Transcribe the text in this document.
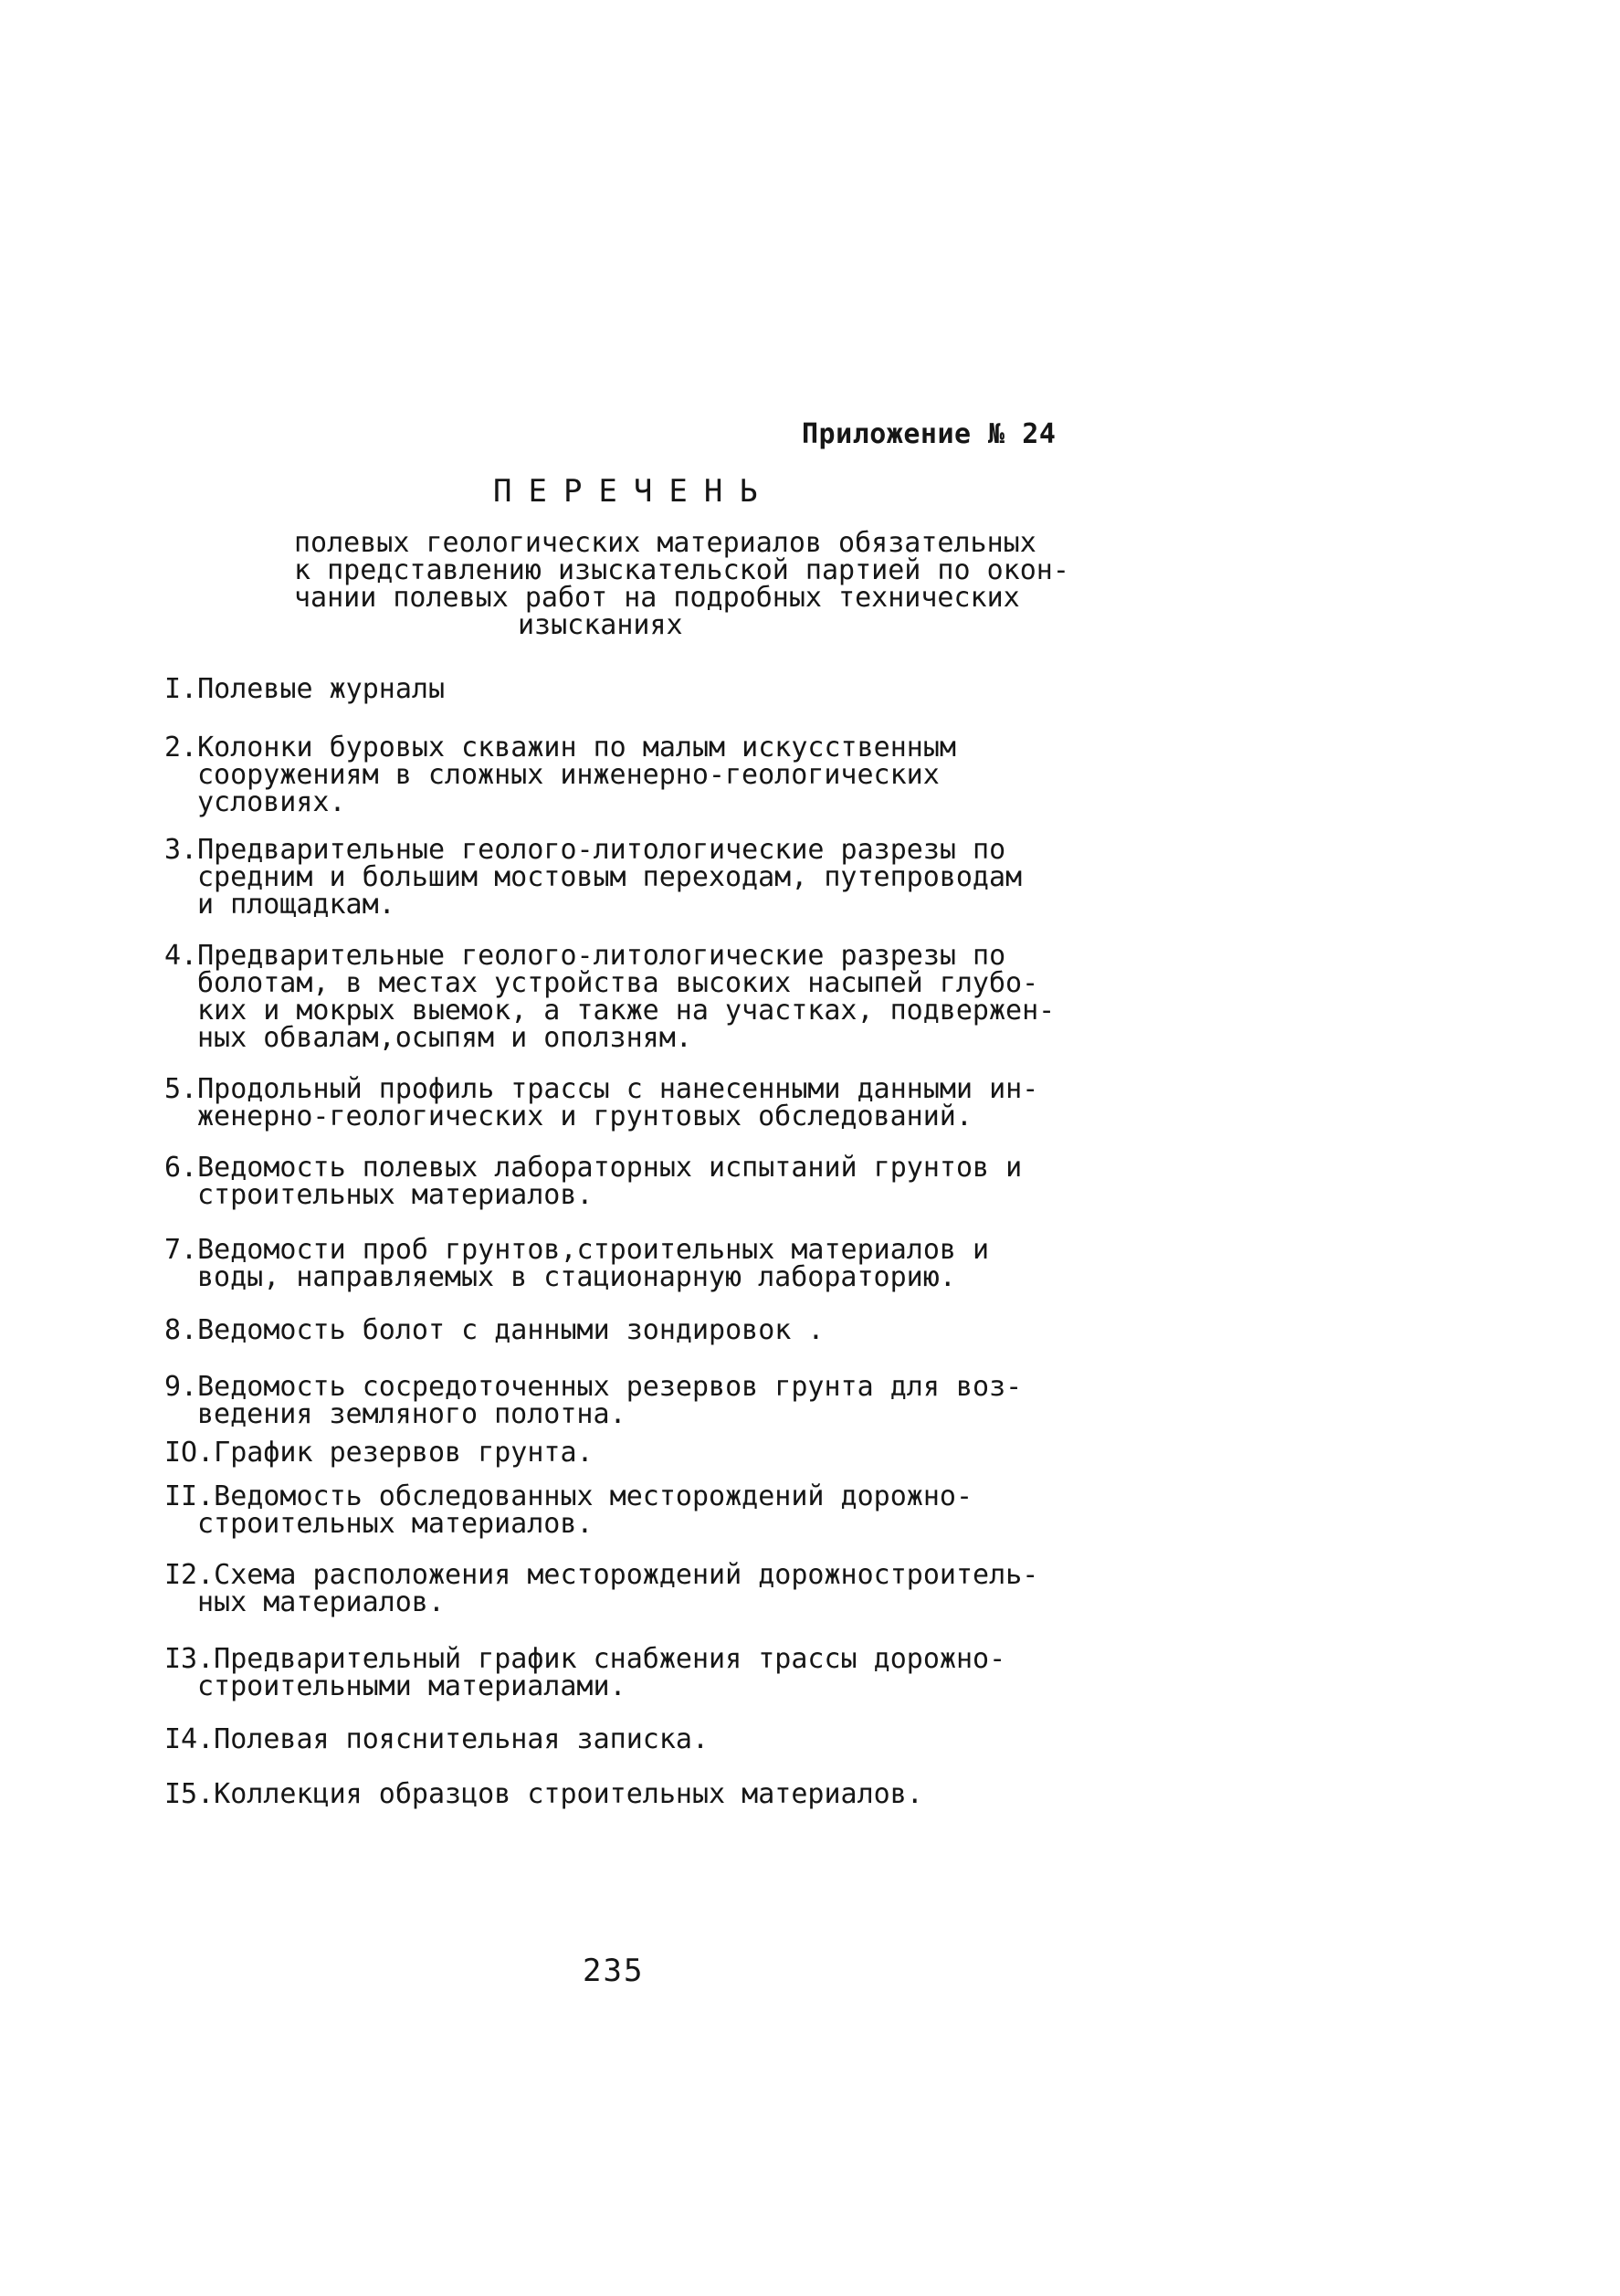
Приложение № 24
ПЕРЕЧЕНЬ
полевых геологических материалов обязательных
к представлению изыскательской партией по окон-
чании полевых работ на подробных технических
изысканиях
I.Полевые журналы
2.Колонки буровых скважин по малым искусственным
сооружениям в сложных инженерно-геологических
условиях.
3.Предварительные геолого-литологические разрезы по
средним и большим мостовым переходам, путепроводам
и площадкам.
4.Предварительные геолого-литологические разрезы по
болотам, в местах устройства высоких насыпей глубо-
ких и мокрых выемок, а также на участках, подвержен-
ных обвалам,осыпям и оползням.
5.Продольный профиль трассы с нанесенными данными ин-
женерно-геологических и грунтовых обследований.
6.Ведомость полевых лабораторных испытаний грунтов и
строительных материалов.
7.Ведомости проб грунтов,строительных материалов и
воды, направляемых в стационарную лабораторию.
8.Ведомость болот с данными зондировок .
9.Ведомость сосредоточенных резервов грунта для воз-
ведения земляного полотна.
IO.График резервов грунта.
II.Ведомость обследованных месторождений дорожно-
строительных материалов.
I2.Схема расположения месторождений дорожностроитель-
ных материалов.
I3.Предварительный график снабжения трассы дорожно-
строительными материалами.
I4.Полевая пояснительная записка.
I5.Коллекция образцов строительных материалов.
235
